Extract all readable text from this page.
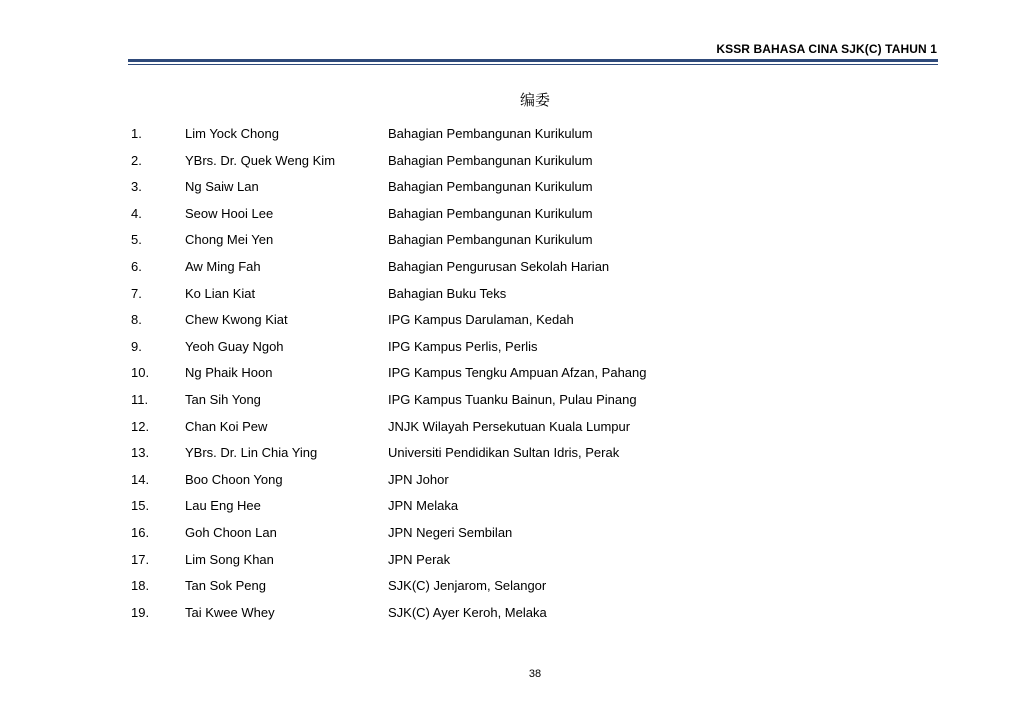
KSSR BAHASA CINA SJK(C) TAHUN 1
编委
1.	Lim Yock Chong	Bahagian Pembangunan Kurikulum
2.	YBrs. Dr. Quek Weng Kim	Bahagian Pembangunan Kurikulum
3.	Ng Saiw Lan	Bahagian Pembangunan Kurikulum
4.	Seow Hooi Lee	Bahagian Pembangunan Kurikulum
5.	Chong Mei Yen	Bahagian Pembangunan Kurikulum
6.	Aw Ming Fah	Bahagian Pengurusan Sekolah Harian
7.	Ko Lian Kiat	Bahagian Buku Teks
8.	Chew Kwong Kiat	IPG Kampus Darulaman, Kedah
9.	Yeoh Guay Ngoh	IPG Kampus Perlis, Perlis
10.	Ng Phaik Hoon	IPG Kampus Tengku Ampuan Afzan, Pahang
11.	Tan Sih Yong	IPG Kampus Tuanku Bainun, Pulau Pinang
12.	Chan Koi Pew	JNJK Wilayah Persekutuan Kuala Lumpur
13.	YBrs. Dr. Lin Chia Ying	Universiti Pendidikan Sultan Idris, Perak
14.	Boo Choon Yong	JPN Johor
15.	Lau Eng Hee	JPN Melaka
16.	Goh Choon Lan	JPN Negeri Sembilan
17.	Lim Song Khan	JPN Perak
18.	Tan Sok Peng	SJK(C) Jenjarom, Selangor
19.	Tai Kwee Whey	SJK(C) Ayer Keroh, Melaka
38
